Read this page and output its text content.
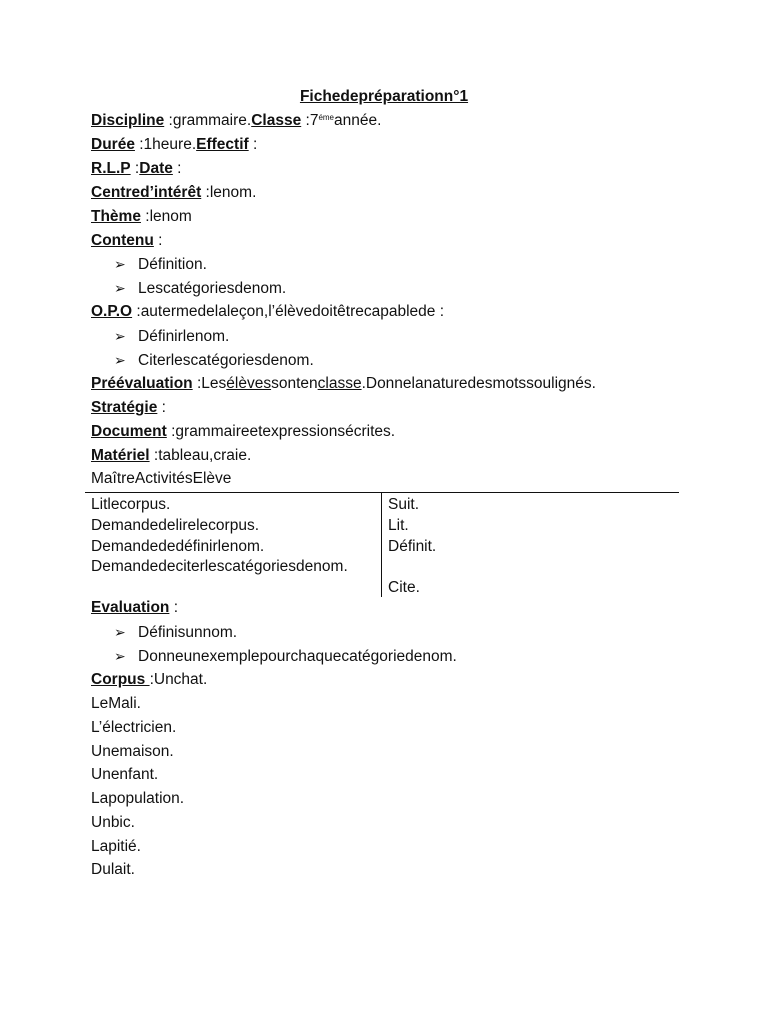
Fichedepréparationn°1
Discipline :grammaire.Classe $:7^{éme}année$.
Durée :1heure.Effectif :
R.L.P :Date :
Centred’intérêt :lenom.
Thème :lenom
Contenu :
➢ Définition.
➢ Lescatégoriesdenom.
O.P.O :autermedelaleçon,l’élèvedoitêtrecapablede :
➢ Définirlenom.
➢ Citerlescatégoriesdenom.
Préévaluation :Lesélèvessontenclasse.Donnelanaturedesmotssoulignés.
Stratégie :
Document :grammaireetexpressionsécrites.
Matériel :tableau,craie.
MaîtreActivitésElève
Litlecorpus.
Demandedelirelecorpus.
Demandededéfinirlenom.
Demandedeciterlescatégoriesdenom.
Suit.
Lit.
Définit.
Cite.
Evaluation :
➢ Définisunnom.
➢ Donneunexemplepourchaquecatégoriedenom.
Corpus :Unchat.
LeMali.
L’électricien.
Unemaison.
Unenfant.
Lapopulation.
Unbic.
Lapitié.
Dulait.
